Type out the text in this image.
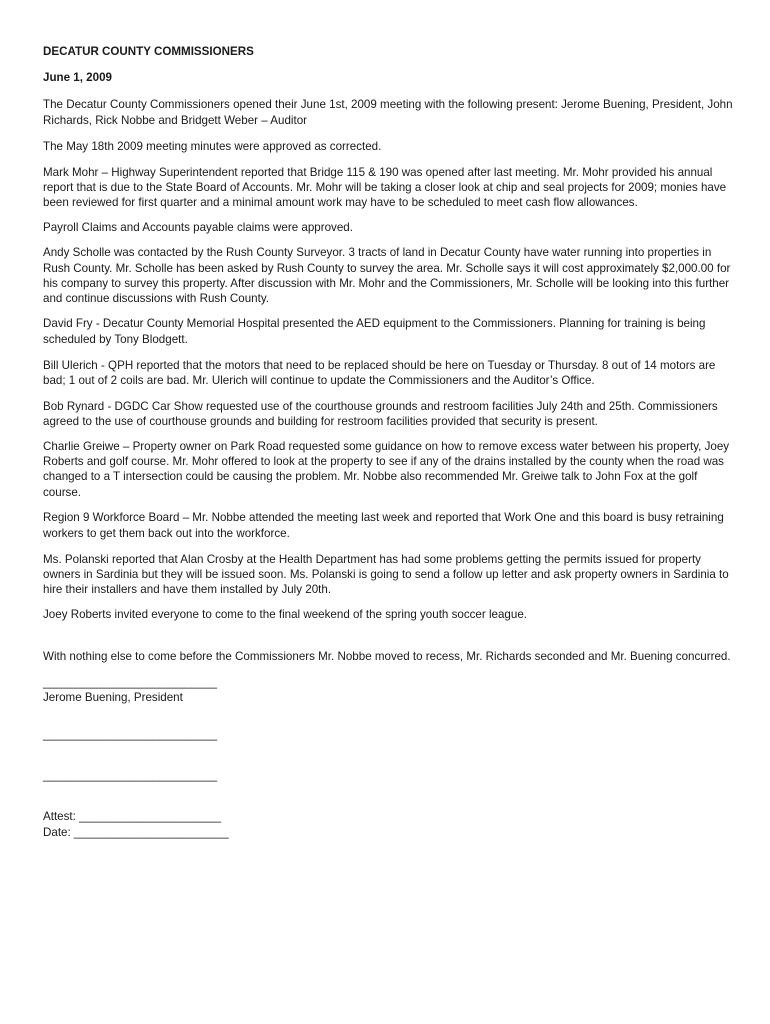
DECATUR COUNTY COMMISSIONERS

June 1, 2009

The Decatur County Commissioners opened their June 1st, 2009 meeting with the following present: Jerome Buening, President, John Richards, Rick Nobbe and Bridgett Weber – Auditor

The May 18th 2009 meeting minutes were approved as corrected.

Mark Mohr – Highway Superintendent reported that Bridge 115 & 190 was opened after last meeting. Mr. Mohr provided his annual report that is due to the State Board of Accounts. Mr. Mohr will be taking a closer look at chip and seal projects for 2009; monies have been reviewed for first quarter and a minimal amount work may have to be scheduled to meet cash flow allowances.

Payroll Claims and Accounts payable claims were approved.

Andy Scholle was contacted by the Rush County Surveyor. 3 tracts of land in Decatur County have water running into properties in Rush County. Mr. Scholle has been asked by Rush County to survey the area. Mr. Scholle says it will cost approximately $2,000.00 for his company to survey this property. After discussion with Mr. Mohr and the Commissioners, Mr. Scholle will be looking into this further and continue discussions with Rush County.

David Fry - Decatur County Memorial Hospital presented the AED equipment to the Commissioners. Planning for training is being scheduled by Tony Blodgett.

Bill Ulerich - QPH reported that the motors that need to be replaced should be here on Tuesday or Thursday. 8 out of 14 motors are bad; 1 out of 2 coils are bad. Mr. Ulerich will continue to update the Commissioners and the Auditor’s Office.

Bob Rynard - DGDC Car Show requested use of the courthouse grounds and restroom facilities July 24th and 25th. Commissioners agreed to the use of courthouse grounds and building for restroom facilities provided that security is present.

Charlie Greiwe – Property owner on Park Road requested some guidance on how to remove excess water between his property, Joey Roberts and golf course. Mr. Mohr offered to look at the property to see if any of the drains installed by the county when the road was changed to a T intersection could be causing the problem. Mr. Nobbe also recommended Mr. Greiwe talk to John Fox at the golf course.

Region 9 Workforce Board – Mr. Nobbe attended the meeting last week and reported that Work One and this board is busy retraining workers to get them back out into the workforce.

Ms. Polanski reported that Alan Crosby at the Health Department has had some problems getting the permits issued for property owners in Sardinia but they will be issued soon. Ms. Polanski is going to send a follow up letter and ask property owners in Sardinia to hire their installers and have them installed by July 20th.

Joey Roberts invited everyone to come to the final weekend of the spring youth soccer league.

With nothing else to come before the Commissioners Mr. Nobbe moved to recess, Mr. Richards seconded and Mr. Buening concurred.

___________________________

Jerome Buening, President

___________________________

___________________________

Attest: ______________________

Date: ________________________
